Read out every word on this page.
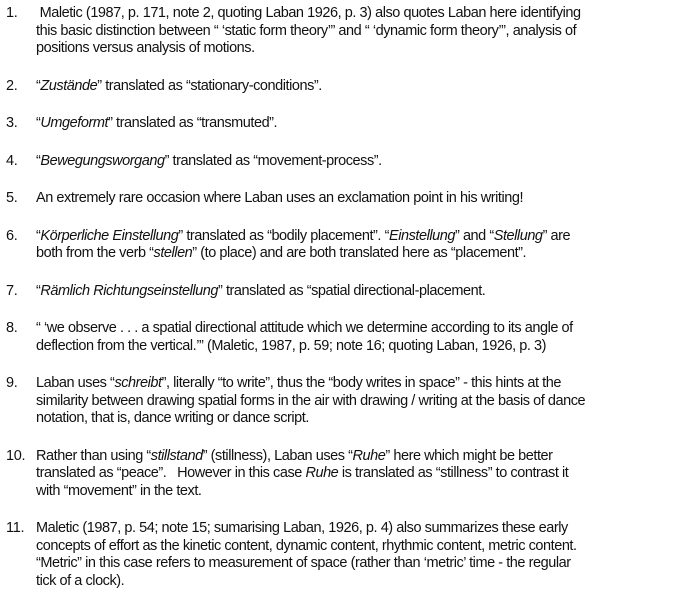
1. Maletic (1987, p. 171, note 2, quoting Laban 1926, p. 3) also quotes Laban here identifying
this basic distinction between “ ‘static form theory’” and “ ‘dynamic form theory’”, analysis of
positions versus analysis of motions.
2. “Zustände” translated as “stationary-conditions”.
3. “Umgeformt” translated as “transmuted”.
4. “Bewegungsworgang” translated as “movement-process”.
5. An extremely rare occasion where Laban uses an exclamation point in his writing!
6. “Körperliche Einstellung” translated as “bodily placement”. “Einstellung” and “Stellung” are
both from the verb “stellen” (to place) and are both translated here as “placement”.
7. “Rämlich Richtungseinstellung” translated as “spatial directional-placement.
8. “ ‘we observe . . . a spatial directional attitude which we determine according to its angle of
deflection from the vertical.’” (Maletic, 1987, p. 59; note 16; quoting Laban, 1926, p. 3)
9. Laban uses “schreibt”, literally “to write”, thus the “body writes in space” - this hints at the
similarity between drawing spatial forms in the air with drawing / writing at the basis of dance
notation, that is, dance writing or dance script.
10. Rather than using “stillstand” (stillness), Laban uses “Ruhe” here which might be better
translated as “peace”.   However in this case Ruhe is translated as “stillness” to contrast it
with “movement” in the text.
11. Maletic (1987, p. 54; note 15; sumarising Laban, 1926, p. 4) also summarizes these early
concepts of effort as the kinetic content, dynamic content, rhythmic content, metric content.
“Metric” in this case refers to measurement of space (rather than ‘metric’ time - the regular
tick of a clock).
